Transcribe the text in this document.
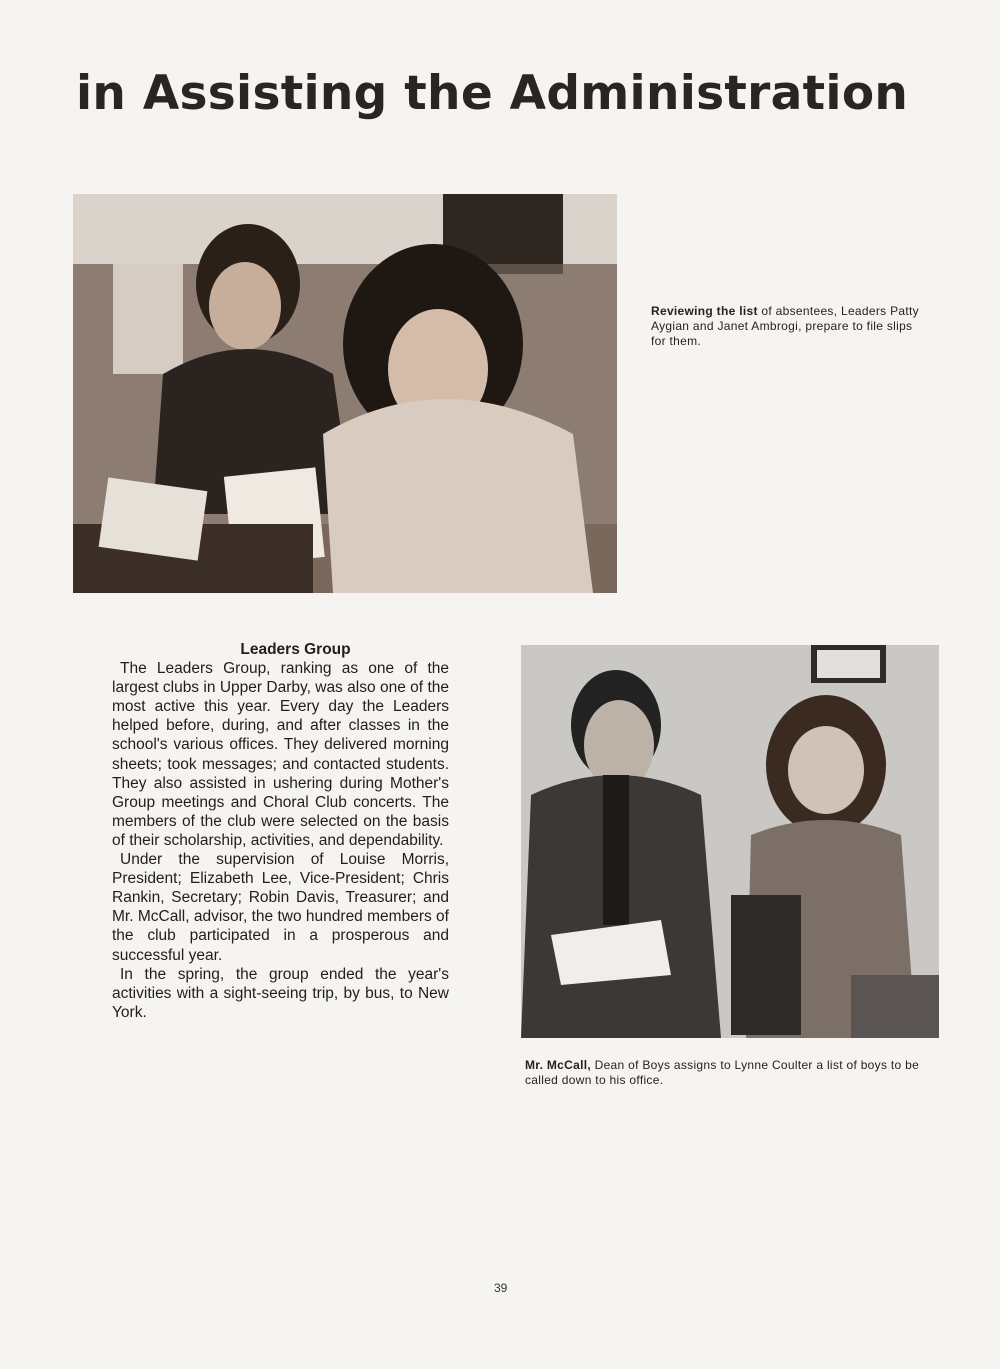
in Assisting the Administration
Reviewing the list of absentees, Leaders Patty Aygian and Janet Ambrogi, prepare to file slips for them.
Leaders Group

The Leaders Group, ranking as one of the largest clubs in Upper Darby, was also one of the most active this year. Every day the Leaders helped before, during, and after classes in the school's various offices. They delivered morning sheets; took messages; and contacted students. They also assisted in ushering during Mother's Group meetings and Choral Club concerts. The members of the club were selected on the basis of their scholarship, activities, and dependability.

Under the supervision of Louise Morris, President; Elizabeth Lee, Vice-President; Chris Rankin, Secretary; Robin Davis, Treasurer; and Mr. McCall, advisor, the two hundred members of the club participated in a prosperous and successful year.

In the spring, the group ended the year's activities with a sight-seeing trip, by bus, to New York.

Mr. McCall, Dean of Boys assigns to Lynne Coulter a list of boys to be called down to his office.
39
